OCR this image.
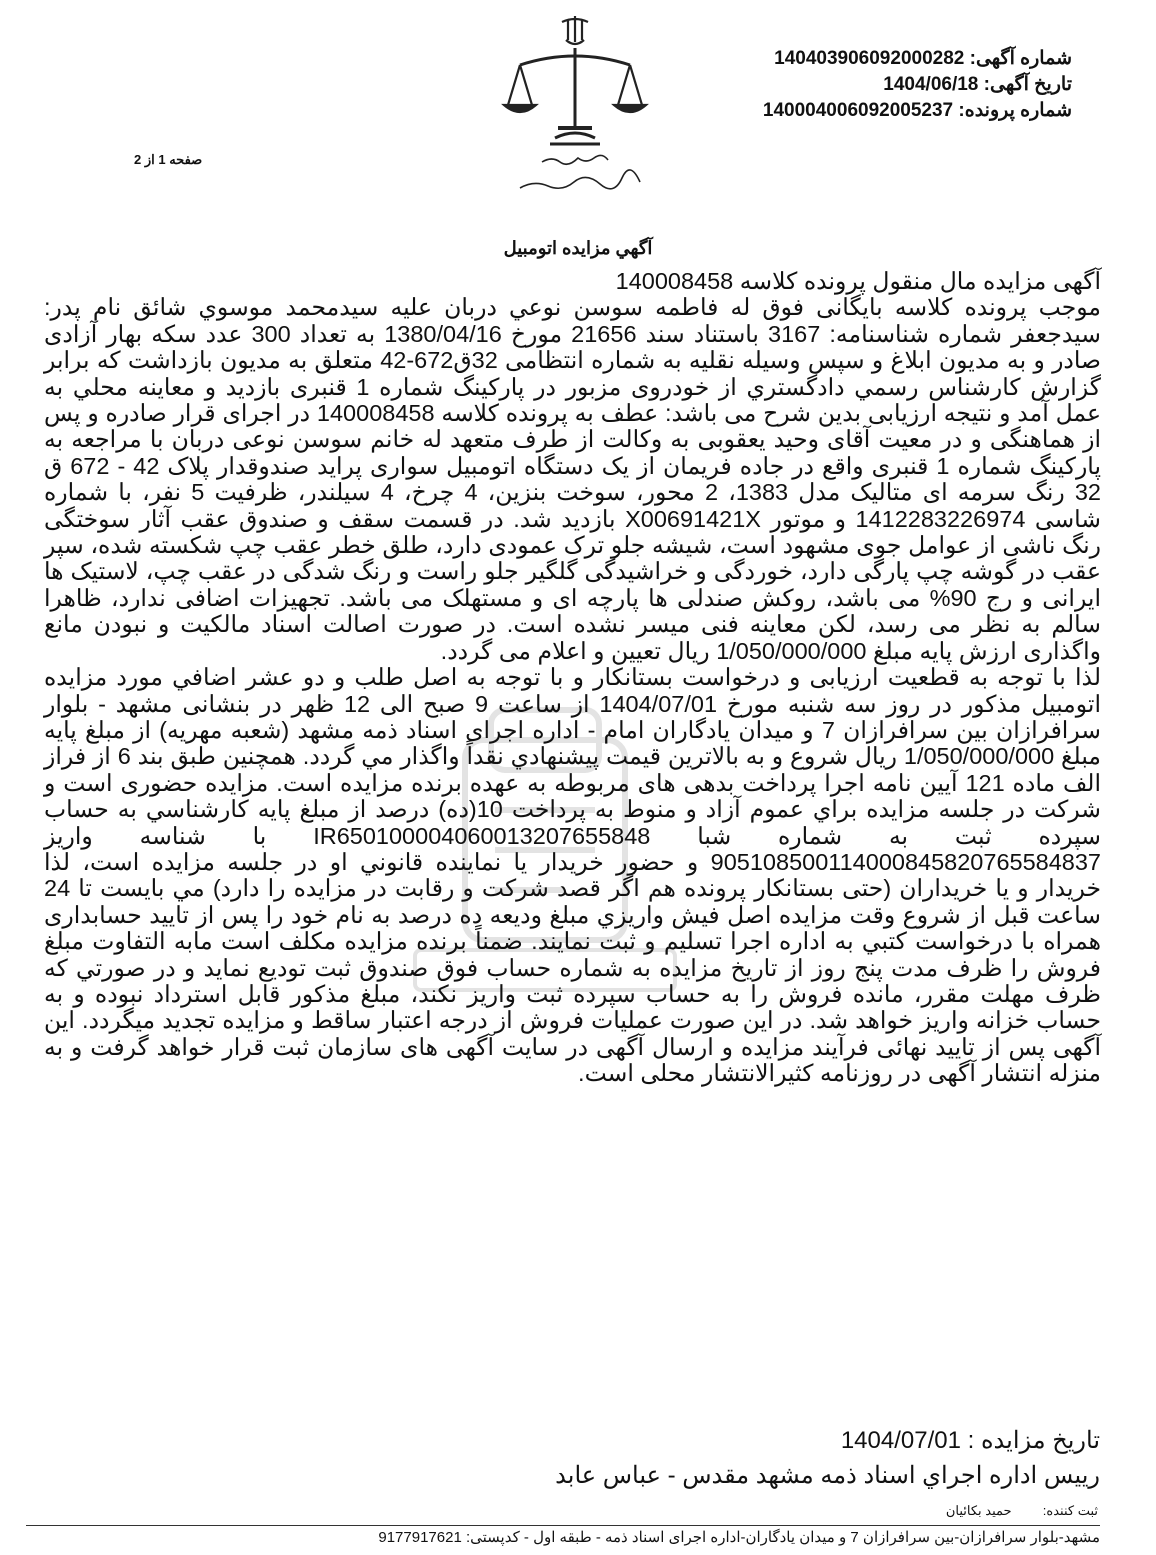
شماره آگهی: 140403906092000282
تاریخ آگهی: 1404/06/18
شماره پرونده: 140004006092005237
صفحه 1 از 2
آگهي مزايده اتومبيل

آگهی مزایده مال منقول پرونده کلاسه 140008458

موجب پرونده کلاسه بایگانی فوق له فاطمه سوسن نوعي دربان علیه سیدمحمد موسوي شائق نام پدر: سیدجعفر شماره شناسنامه: 3167 باستناد سند 21656 مورخ 1380/04/16 به تعداد 300 عدد سکه بهار آزادی صادر و به مدیون ابلاغ و سپس وسیله نقلیه به شماره انتظامی 32ق672-42 متعلق به مدیون بازداشت که برابر گزارش کارشناس رسمي دادگستري از خودروی مزبور در پارکینگ شماره 1 قنبری بازدید و معاينه محلي به عمل آمد و نتیجه ارزیابی بدین شرح می باشد: عطف به پرونده کلاسه 140008458 در اجرای قرار صادره و پس از هماهنگی و در معیت آقای وحید یعقوبی به وکالت از طرف متعهد له خانم سوسن نوعی دربان با مراجعه به پارکینگ شماره 1 قنبری واقع در جاده فریمان از یک دستگاه اتومبیل سواری پراید صندوقدار پلاک 42 - 672 ق 32 رنگ سرمه ای متالیک مدل 1383، 2 محور، سوخت بنزین، 4 چرخ، 4 سیلندر، ظرفیت 5 نفر، با شماره شاسی 1412283226974 و موتور X00691421X بازدید شد. در قسمت سقف و صندوق عقب آثار سوختگی رنگ ناشی از عوامل جوی مشهود است، شیشه جلو ترک عمودی دارد، طلق خطر عقب چپ شکسته شده، سپر عقب در گوشه چپ پارگی دارد، خوردگی و خراشیدگی گلگیر جلو راست و رنگ شدگی در عقب چپ، لاستیک ها ایرانی و رج 90% می باشد، روکش صندلی ها پارچه ای و مستهلک می باشد. تجهیزات اضافی ندارد، ظاهرا سالم به نظر می رسد، لکن معاینه فنی میسر نشده است. در صورت اصالت اسناد مالکیت و نبودن مانع واگذاری ارزش پایه مبلغ 1/050/000/000 ریال تعیین و اعلام می گردد.

لذا با توجه به قطعیت ارزیابی و درخواست بستانکار و با توجه به اصل طلب و دو عشر اضافي مورد مزايده اتومبیل مذکور در روز سه شنبه مورخ 1404/07/01 از ساعت 9 صبح الی 12 ظهر در بنشانی مشهد - بلوار سرافرازان بین سرافرازان 7 و میدان یادگاران امام - اداره اجرای اسناد ذمه مشهد (شعبه مهریه) از مبلغ پايه مبلغ 1/050/000/000 ريال شروع و به بالاترين قيمت پيشنهادي نقداً واگذار مي گردد. همچنين طبق بند 6 از فراز الف ماده 121 آيين نامه اجرا پرداخت بدهی های مربوطه به عهده برنده مزايده است. مزایده حضوری است و شرکت در جلسه مزايده براي عموم آزاد و منوط به پرداخت 10(ده) درصد از مبلغ پايه کارشناسي به حساب سپرده ثبت به شماره شبا IR650100004060013207655848 با شناسه واريز 905108500114000845820765584837 و حضور خريدار يا نماينده قانوني او در جلسه مزايده است، لذا خريدار و يا خريداران (حتی بستانکار پرونده هم اگر قصد شرکت و رقابت در مزایده را دارد) مي بايست تا 24 ساعت قبل از شروع وقت مزايده اصل فيش واريزي مبلغ وديعه ده درصد به نام خود را پس از تاييد حسابداری همراه با درخواست کتبي به اداره اجرا تسليم و ثبت نمايند. ضمناً برنده مزايده مکلف است مابه التفاوت مبلغ فروش را ظرف مدت پنج روز از تاريخ مزايده به شماره حساب فوق صندوق ثبت توديع نمايد و در صورتي که ظرف مهلت مقرر، مانده فروش را به حساب سپرده ثبت واريز نکند، مبلغ مذکور قابل استرداد نبوده و به حساب خزانه واريز خواهد شد. در اين صورت عمليات فروش از درجه اعتبار ساقط و مزايده تجديد ميگردد. این آگهی پس از تایید نهائی فرآیند مزایده و ارسال آگهی در سایت آگهی های سازمان ثبت قرار خواهد گرفت و به منزله انتشار آگهی در روزنامه کثیرالانتشار محلی است.

تاريخ مزايده : 1404/07/01
رييس اداره اجراي اسناد ذمه مشهد مقدس - عباس عابد
ثبت کننده:  حمید بکائیان
مشهد-بلوار سرافرازان-بین سرافرازان 7 و میدان یادگاران-اداره اجرای اسناد ذمه - طبقه اول - کدپستی: 9177917621
